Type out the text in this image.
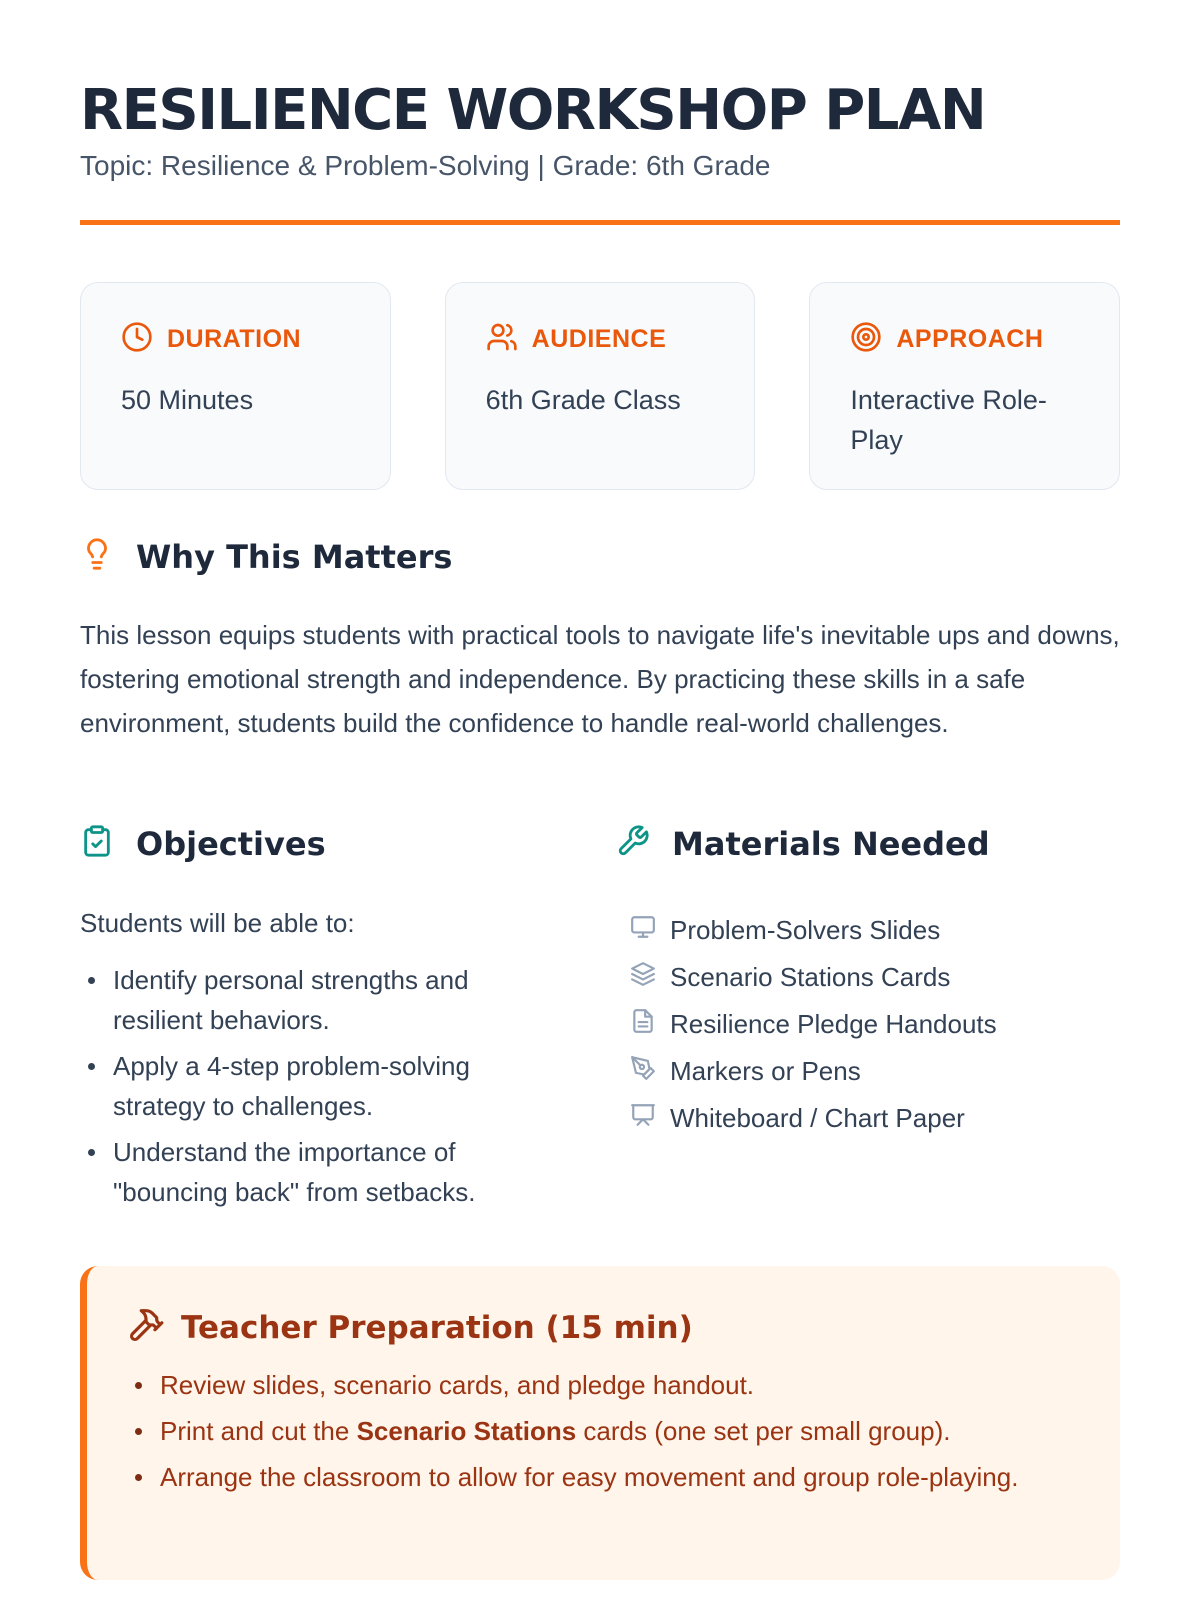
RESILIENCE WORKSHOP PLAN
Topic: Resilience & Problem-Solving | Grade: 6th Grade
DURATION
50 Minutes
AUDIENCE
6th Grade Class
APPROACH
Interactive Role-Play
Why This Matters

This lesson equips students with practical tools to navigate life's inevitable ups and downs, fostering emotional strength and independence. By practicing these skills in a safe environment, students build the confidence to handle real-world challenges.

Objectives
Students will be able to:
Identify personal strengths and resilient behaviors.
Apply a 4-step problem-solving strategy to challenges.
Understand the importance of "bouncing back" from setbacks.
Materials Needed
Problem-Solvers Slides
Scenario Stations Cards
Resilience Pledge Handouts
Markers or Pens
Whiteboard / Chart Paper
Teacher Preparation (15 min)
Review slides, scenario cards, and pledge handout.
Print and cut the Scenario Stations cards (one set per small group).
Arrange the classroom to allow for easy movement and group role-playing.
